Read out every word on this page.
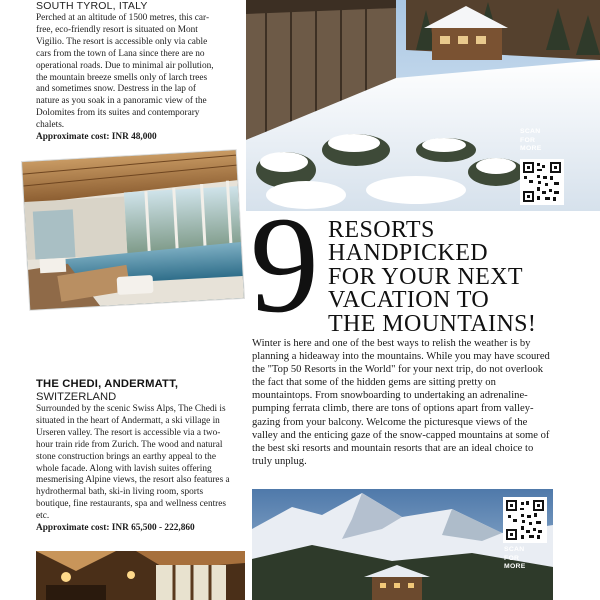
SOUTH TYROL, ITALY
Perched at an altitude of 1500 metres, this car-free, eco-friendly resort is situated on Mont Vigilio. The resort is accessible only via cable cars from the town of Lana since there are no operational roads. Due to minimal air pollution, the mountain breeze smells only of larch trees and sometimes snow. Destress in the lap of nature as you soak in a panoramic view of the Dolomites from its suites and contemporary chalets.
Approximate cost: INR 48,000
THE CHEDI, ANDERMATT,
SWITZERLAND
Surrounded by the scenic Swiss Alps, The Chedi is situated in the heart of Andermatt, a ski village in Urseren valley. The resort is accessible via a two-hour train ride from Zurich. The wood and natural stone construction brings an earthy appeal to the whole facade. Along with lavish suites offering mesmerising Alpine views, the resort also features a hydrothermal bath, ski-in living room, sports boutique, fine restaurants, spa and wellness centres etc.
Approximate cost: INR 65,500 - 222,860
SCAN
FOR
MORE
9 RESORTS
HANDPICKED
FOR YOUR NEXT
VACATION TO
THE MOUNTAINS!
Winter is here and one of the best ways to relish the weather is by planning a hideaway into the mountains. While you may have scoured the "Top 50 Resorts in the World" for your next trip, do not overlook the fact that some of the hidden gems are sitting pretty on mountaintops. From snowboarding to undertaking an adrenaline-pumping ferrata climb, there are tons of options apart from valley-gazing from your balcony. Welcome the picturesque views of the valley and the enticing gaze of the snow-capped mountains at some of the best ski resorts and mountain resorts that are an ideal choice to truly unplug.
SCAN
FOR
MORE
